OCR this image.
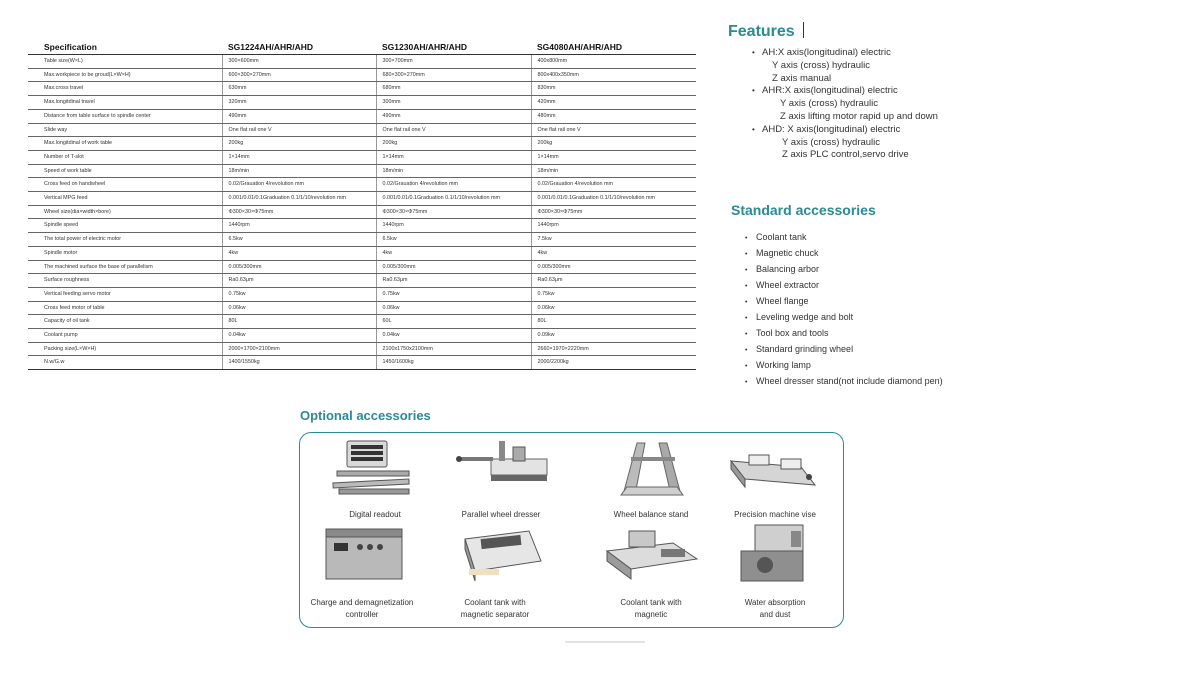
Specification	SG1224AH/AHR/AHD	SG1230AH/AHR/AHD	SG4080AH/AHR/AHD
Table size(W×L)	300×600mm	300×700mm	400x800mm
Max.workpiece to be groud(L×W×H)	600×300×270mm	680×300×270mm	800x400x350mm
Max.cross travel	630mm	680mm	830mm
Max.longitdinal travel	320mm	300mm	420mm
Distance from table surface to spindle center	490mm	490mm	480mm
Slide way	One flat rail one V	One flat rail one V	One flat rail one V
Max.longitdinal of work table	200kg	200kg	200kg
Number of T-slot	1×14mm	1×14mm	1×14mm
Speed of work table	18m/min	18m/min	18m/min
Cross feed on handwheel	0.02/Grauation 4/revolution mm	0.02/Grauation 4/revolution mm	0.02/Grauation 4/revolution mm
Vertical MPG feed	0.001/0.01/0.1Graduation 0.1/1/10/revolution mm	0.001/0.01/0.1Graduation 0.1/1/10/revolution mm	0.001/0.01/0.1Graduation 0.1/1/10/revolution mm
Wheel size(dia×width×bore)	Φ300×30×Φ75mm	Φ300×30×Φ75mm	Φ300×30×Φ75mm
Spindle speed	1440rpm	1440rpm	1440rpm
The total power of electric motor	6.5kw	6.5kw	7.5kw
Spindle motor	4kw	4kw	4kw
The machined surface the base of parallelism	0.005/300mm	0.005/300mm	0.005/300mm
Surface roughness	Ra0.63μm	Ra0.63μm	Ra0.63μm
Vertical feeding servo motor	0.75kw	0.75kw	0.75kw
Cross feed motor of table	0.06kw	0.06kw	0.06kw
Capacity of oil tank	80L	60L	80L
Coolant pump	0.04kw	0.04kw	0.09kw
Packing size(L×W×H)	2000×1700×2100mm	2100x1750x2100mm	2660×1970×2220mm
N.w/G.w	1400/1550kg	1450/1600kg	2000/2200kg
Features
• AH:X axis(longitudinal) electric
Y axis (cross) hydraulic
Z axis manual
• AHR:X axis(longitudinal) electric
Y axis (cross) hydraulic
Z axis lifting motor rapid up and down
• AHD: X axis(longitudinal) electric
Y axis (cross) hydraulic
Z axis PLC control,servo drive
Standard accessories
• Coolant tank
• Magnetic chuck
• Balancing arbor
• Wheel extractor
• Wheel flange
• Leveling wedge and bolt
• Tool box and tools
• Standard grinding wheel
• Working lamp
• Wheel dresser stand(not include diamond pen)
Optional accessories
Digital readout	Parallel wheel dresser	Wheel balance stand	Precision machine vise
Charge and demagnetization
controller
Coolant tank with
magnetic separator
Coolant tank with
magnetic
Water absorption
and dust
